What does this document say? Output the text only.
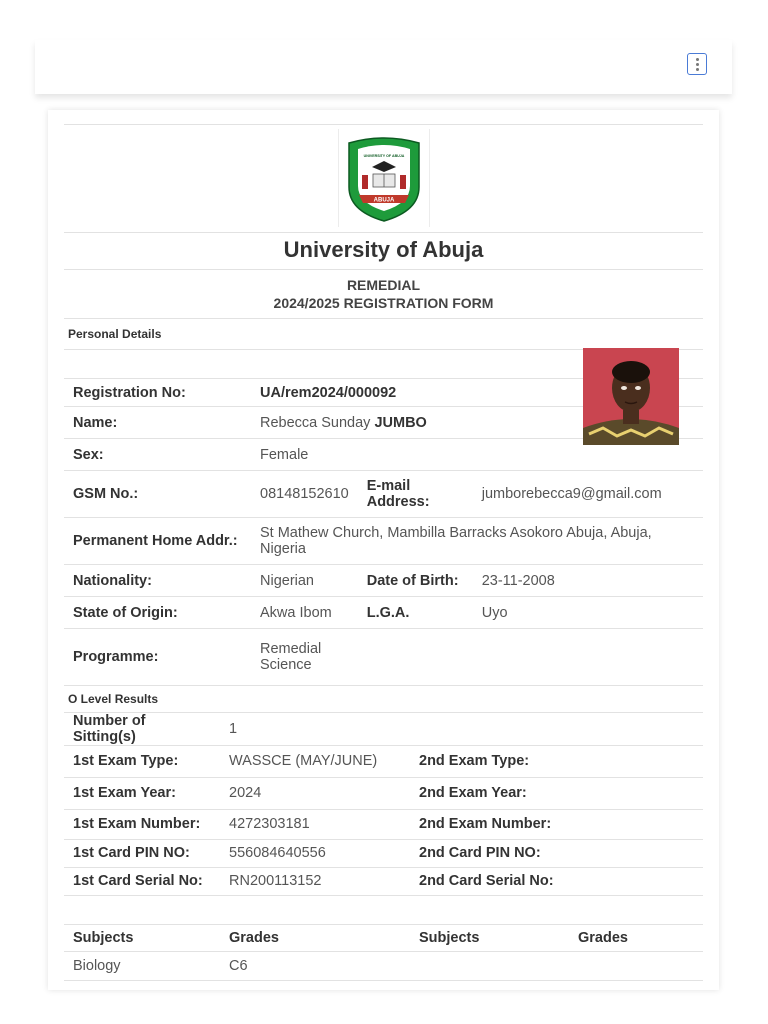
ABUJA
UNIVERSITY OF ABUJA
University of Abuja
REMEDIAL
2024/2025 REGISTRATION FORM
Personal Details
Registration No:	UA/rem2024/000092		
Name:	Rebecca Sunday JUMBO		
Sex:	Female		
GSM No.:	08148152610	E-mail Address:	jumborebecca9@gmail.com
Permanent Home Addr.:	St Mathew Church, Mambilla Barracks Asokoro Abuja, Abuja, Nigeria		
Nationality:	Nigerian	Date of Birth:	23-11-2008
State of Origin:	Akwa Ibom	L.G.A.	Uyo
Programme:	Remedial Science		
O Level Results
Number of Sitting(s)	1		
1st Exam Type:	WASSCE (MAY/JUNE)	2nd Exam Type:	
1st Exam Year:	2024	2nd Exam Year:	
1st Exam Number:	4272303181	2nd Exam Number:	
1st Card PIN NO:	556084640556	2nd Card PIN NO:	
1st Card Serial No:	RN200113152	2nd Card Serial No:	

Subjects	Grades	Subjects	Grades
Biology	C6		
